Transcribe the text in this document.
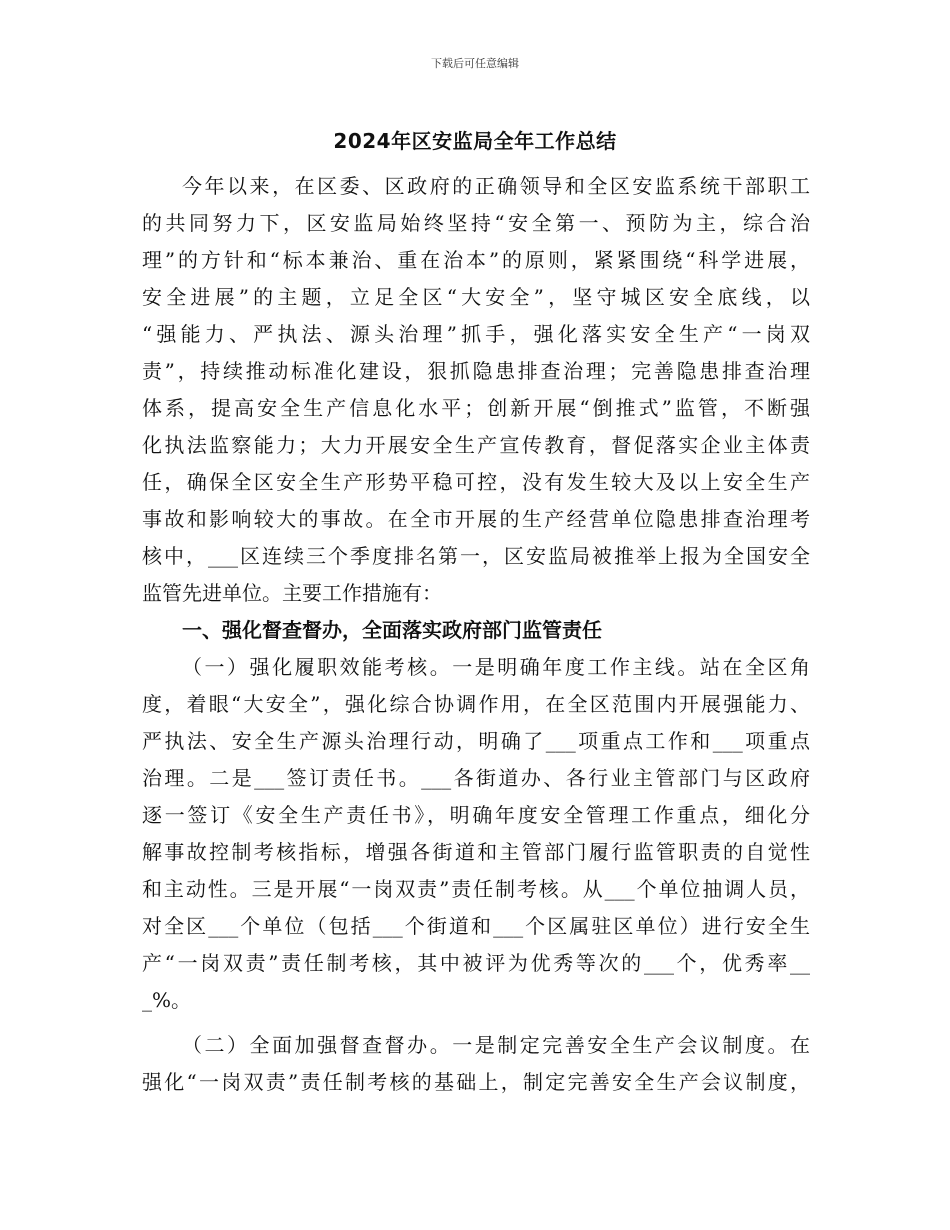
下载后可任意编辑
2024年区安监局全年工作总结
今年以来，在区委、区政府的正确领导和全区安监系统干部职工
的共同努力下，区安监局始终坚持“安全第一、预防为主，综合治
理”的方针和“标本兼治、重在治本”的原则，紧紧围绕“科学进展，
安全进展”的主题，立足全区“大安全”，坚守城区安全底线，以
“强能力、严执法、源头治理”抓手，强化落实安全生产“一岗双
责”，持续推动标准化建设，狠抓隐患排查治理；完善隐患排查治理
体系，提高安全生产信息化水平；创新开展“倒推式”监管，不断强
化执法监察能力；大力开展安全生产宣传教育，督促落实企业主体责
任，确保全区安全生产形势平稳可控，没有发生较大及以上安全生产
事故和影响较大的事故。在全市开展的生产经营单位隐患排查治理考
核中，___区连续三个季度排名第一，区安监局被推举上报为全国安全
监管先进单位。主要工作措施有：
一、强化督查督办，全面落实政府部门监管责任
（一）强化履职效能考核。一是明确年度工作主线。站在全区角
度，着眼“大安全”，强化综合协调作用，在全区范围内开展强能力、
严执法、安全生产源头治理行动，明确了___项重点工作和___项重点
治理。二是___签订责任书。___各街道办、各行业主管部门与区政府
逐一签订《安全生产责任书》，明确年度安全管理工作重点，细化分
解事故控制考核指标，增强各街道和主管部门履行监管职责的自觉性
和主动性。三是开展“一岗双责”责任制考核。从___个单位抽调人员，
对全区___个单位（包括___个街道和___个区属驻区单位）进行安全生
产“一岗双责”责任制考核，其中被评为优秀等次的___个，优秀率__
_%。
（二）全面加强督查督办。一是制定完善安全生产会议制度。在
强化“一岗双责”责任制考核的基础上，制定完善安全生产会议制度，
